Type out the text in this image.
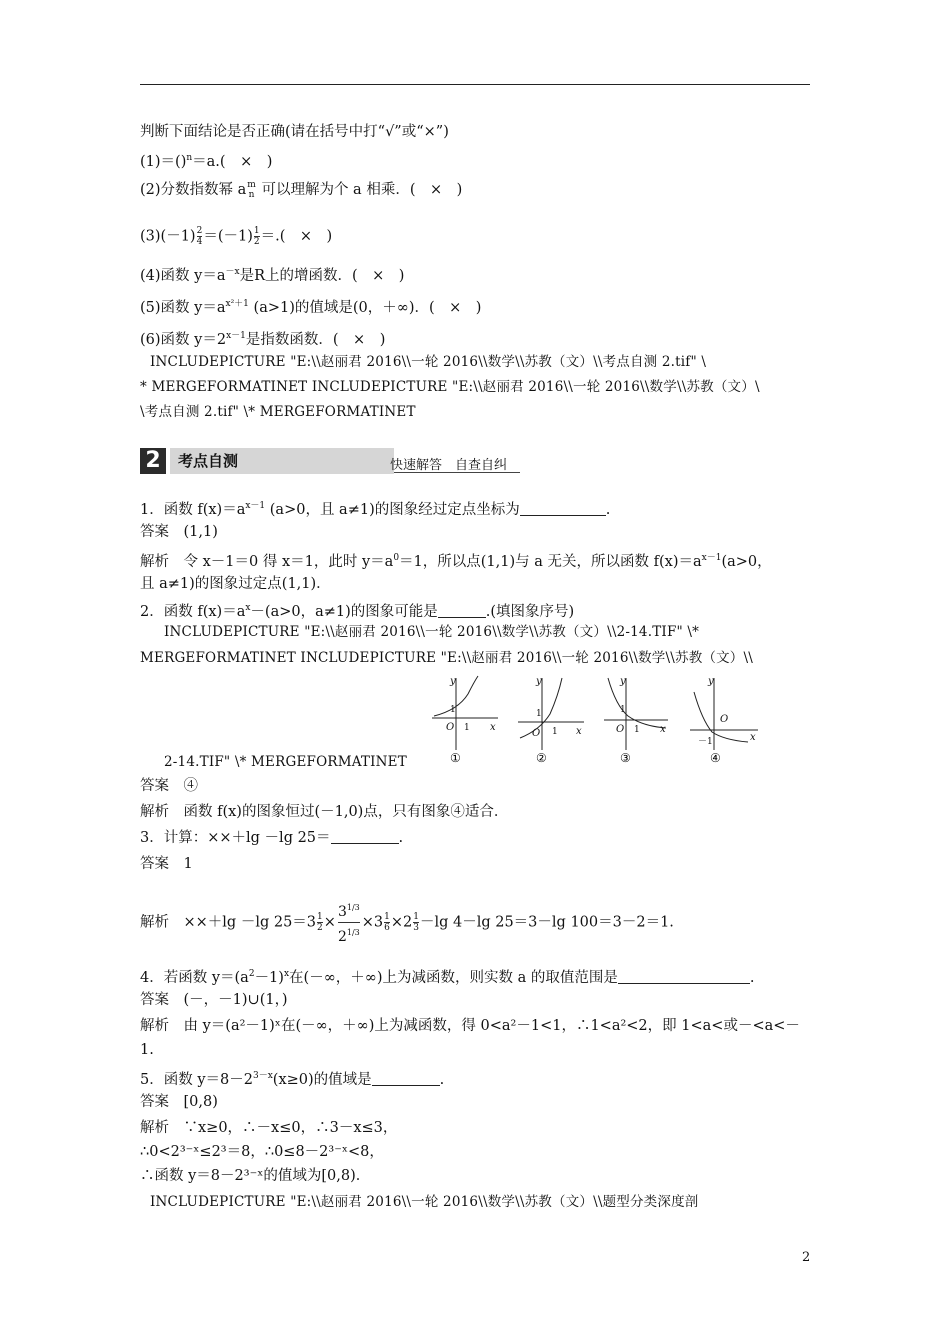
判断下面结论是否正确(请在括号中打“√”或“×”)
(1)＝()$^n$＝a.(　×　)
(2)分数指数幂 a m
n 可以理解为个 a 相乘．(　×　)
$(3)(-1) \frac{2}{4} =(-1) \frac{1}{2}$ ＝.(　×　)
(4)函数 $y=a^{-x}$是R上的增函数．(　×　)
(5)函数 $y=a^{x^2+1}$ (a>1)的值域是(0，＋∞)．(　×　)
(6)函数 $y=2^{x-1}$是指数函数．(　×　)
INCLUDEPICTURE "E:\\赵丽君 2016\\一轮 2016\\数学\\苏教（文）\\考点自测 2.tif" \
* MERGEFORMATINET INCLUDEPICTURE "E:\\赵丽君 2016\\一轮 2016\\数学\\苏教（文）\
\考点自测 2.tif" \* MERGEFORMATINET
2	考点自测	快速解答　自查自纠
1．函数 $f(x)=a^{x-1}$ (a>0，且 a≠1)的图象经过定点坐标为	.
答案　(1,1)
解析　令 x－1＝0 得 x＝1，此时 $y=a^0=1$，所以点(1,1)与 a 无关，所以函数 $f(x)=a^{x-1}(a>0$，
且 a≠1)的图象过定点(1,1)．
2．函数 $f(x)=a^x-(a>0$，a≠1)的图象可能是	.(填图象序号)
INCLUDEPICTURE "E:\\赵丽君 2016\\一轮 2016\\数学\\苏教（文）\\2-14.TIF" \*
MERGEFORMATINET INCLUDEPICTURE "E:\\赵丽君 2016\\一轮 2016\\数学\\苏教（文）\\
2-14.TIF" \* MERGEFORMATINET
y
x
O
1
1
①
y
x
O
1
1
②
y
x
O
1
1
③
y
x
O
－1
④
答案　④
解析　函数 f(x)的图象恒过(－1,0)点，只有图象④适合．
3．计算：××＋lg －lg 25＝	.
答案　1
解析　××＋lg －lg $25=3 \frac{1}{2} \times \frac{3^{1/3}}{2^{1/3}} \times 3 \frac{1}{6} \times 2 \frac{1}{3} -\lg$ 4－lg 25＝3－lg 100＝3－2＝1.
4．若函数 $y=(a^2-1)^x$在(－∞，＋∞)上为减函数，则实数 a 的取值范围是	.
答案　(－，－1)∪(1，)
解析　由 y＝(a²－1)ˣ在(－∞，＋∞)上为减函数，得 0<a²－1<1，∴1<a²<2，即 1<a<或－<a<－
1.
5．函数 $y=8-2^{3-x}(x\ge 0)$的值域是	.
答案　[0,8)
解析　∵x≥0，∴－x≤0，∴3－x≤3，
∴0<2³⁻ˣ≤2³＝8，∴0≤8－2³⁻ˣ<8，
∴函数 y＝8－2³⁻ˣ的值域为[0,8)．
INCLUDEPICTURE "E:\\赵丽君 2016\\一轮 2016\\数学\\苏教（文）\\题型分类深度剖
2
